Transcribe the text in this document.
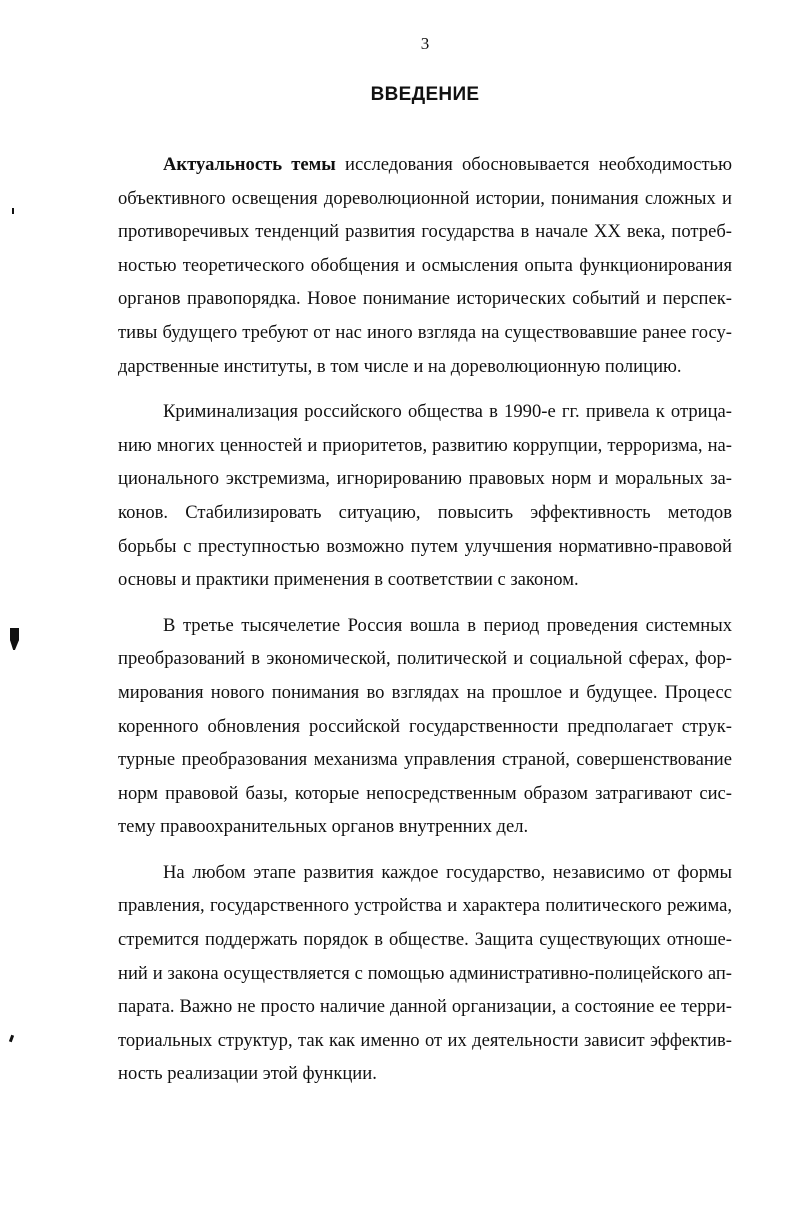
3
ВВЕДЕНИЕ

Актуальность темы исследования обосновывается необходимостью объективного освещения дореволюционной истории, понимания сложных и противоречивых тенденций развития государства в начале XX века, потребностью теоретического обобщения и осмысления опыта функционирования органов правопорядка. Новое понимание исторических событий и перспективы будущего требуют от нас иного взгляда на существовавшие ранее государственные институты, в том числе и на дореволюционную полицию.

Криминализация российского общества в 1990-е гг. привела к отрицанию многих ценностей и приоритетов, развитию коррупции, терроризма, национального экстремизма, игнорированию правовых норм и моральных законов. Стабилизировать ситуацию, повысить эффективность методов борьбы с преступностью возможно путем улучшения нормативно-правовой основы и практики применения в соответствии с законом.

В третье тысячелетие Россия вошла в период проведения системных преобразований в экономической, политической и социальной сферах, формирования нового понимания во взглядах на прошлое и будущее. Процесс коренного обновления российской государственности предполагает структурные преобразования механизма управления страной, совершенствование норм правовой базы, которые непосредственным образом затрагивают систему правоохранительных органов внутренних дел.

На любом этапе развития каждое государство, независимо от формы правления, государственного устройства и характера политического режима, стремится поддержать порядок в обществе. Защита существующих отношений и закона осуществляется с помощью административно-полицейского аппарата. Важно не просто наличие данной организации, а состояние ее территориальных структур, так как именно от их деятельности зависит эффективность реализации этой функции.
